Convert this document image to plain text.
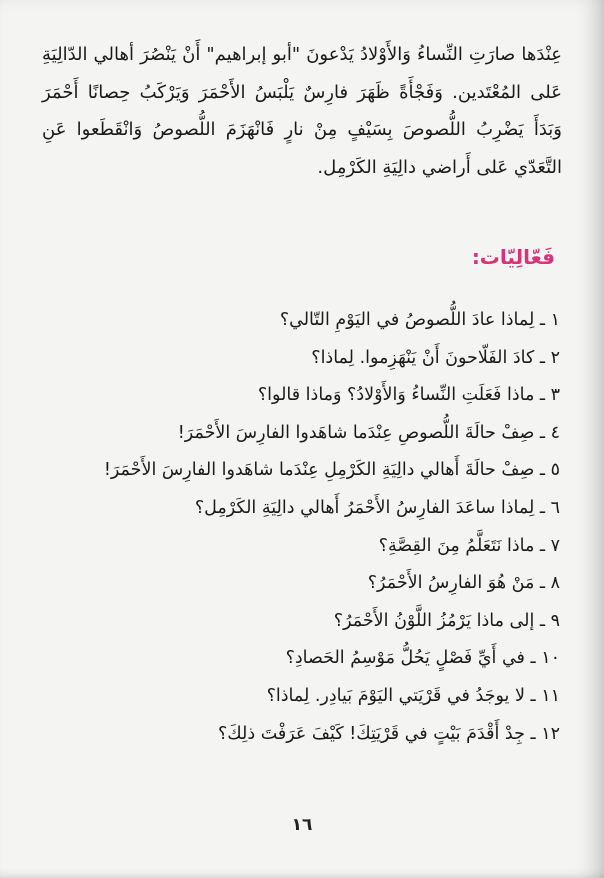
عِنْدَها صارَتِ النِّساءُ وَالأَوْلادُ يَدْعونَ "أبو إبراهيم" أَنْ يَنْصُرَ أهالي الدّالِيَةِ عَلى المُعْتَدين. وَفَجْأَةً ظَهَرَ فارِسٌ يَلْبَسُ الأَحْمَرَ وَيَرْكَبُ حِصانًا أَحْمَرَ وَبَدَأَ يَضْرِبُ اللُّصوصَ بِسَيْفٍ مِنْ نارٍ فَانْهَزَمَ اللُّصوصُ وَانْقَطَعوا عَنِ التَّعَدّي عَلى أَراضي دالِيَةِ الكَرْمِل.

فَعّالِيّات:
١ ـ لِماذا عادَ اللُّصوصُ في اليَوْمِ التّالي؟
٢ ـ كادَ الفَلّاحونَ أَنْ يَنْهَزِموا. لِماذا؟
٣ ـ ماذا فَعَلَتِ النِّساءُ وَالأَوْلادُ؟ وَماذا قالوا؟
٤ ـ صِفْ حالَةَ اللُّصوصِ عِنْدَما شاهَدوا الفارِسَ الأَحْمَرَ!
٥ ـ صِفْ حالَةَ أَهالي دالِيَةِ الكَرْمِلِ عِنْدَما شاهَدوا الفارِسَ الأَحْمَرَ!
٦ ـ لِماذا ساعَدَ الفارِسُ الأَحْمَرُ أَهالي دالِيَةِ الكَرْمِل؟
٧ ـ ماذا نَتَعَلَّمُ مِنَ القِصَّةِ؟
٨ ـ مَنْ هُوَ الفارِسُ الأَحْمَرُ؟
٩ ـ إلى ماذا يَرْمُزُ اللَّوْنُ الأَحْمَرُ؟
١٠ ـ في أَيِّ فَصْلٍ يَحُلُّ مَوْسِمُ الحَصادِ؟
١١ ـ لا يوجَدُ في قَرْيَتي اليَوْمَ بَيادِر. لِماذا؟
١٢ ـ جِدْ أَقْدَمَ بَيْتٍ في قَرْيَتِكَ! كَيْفَ عَرَفْتَ ذلِكَ؟
١٦
